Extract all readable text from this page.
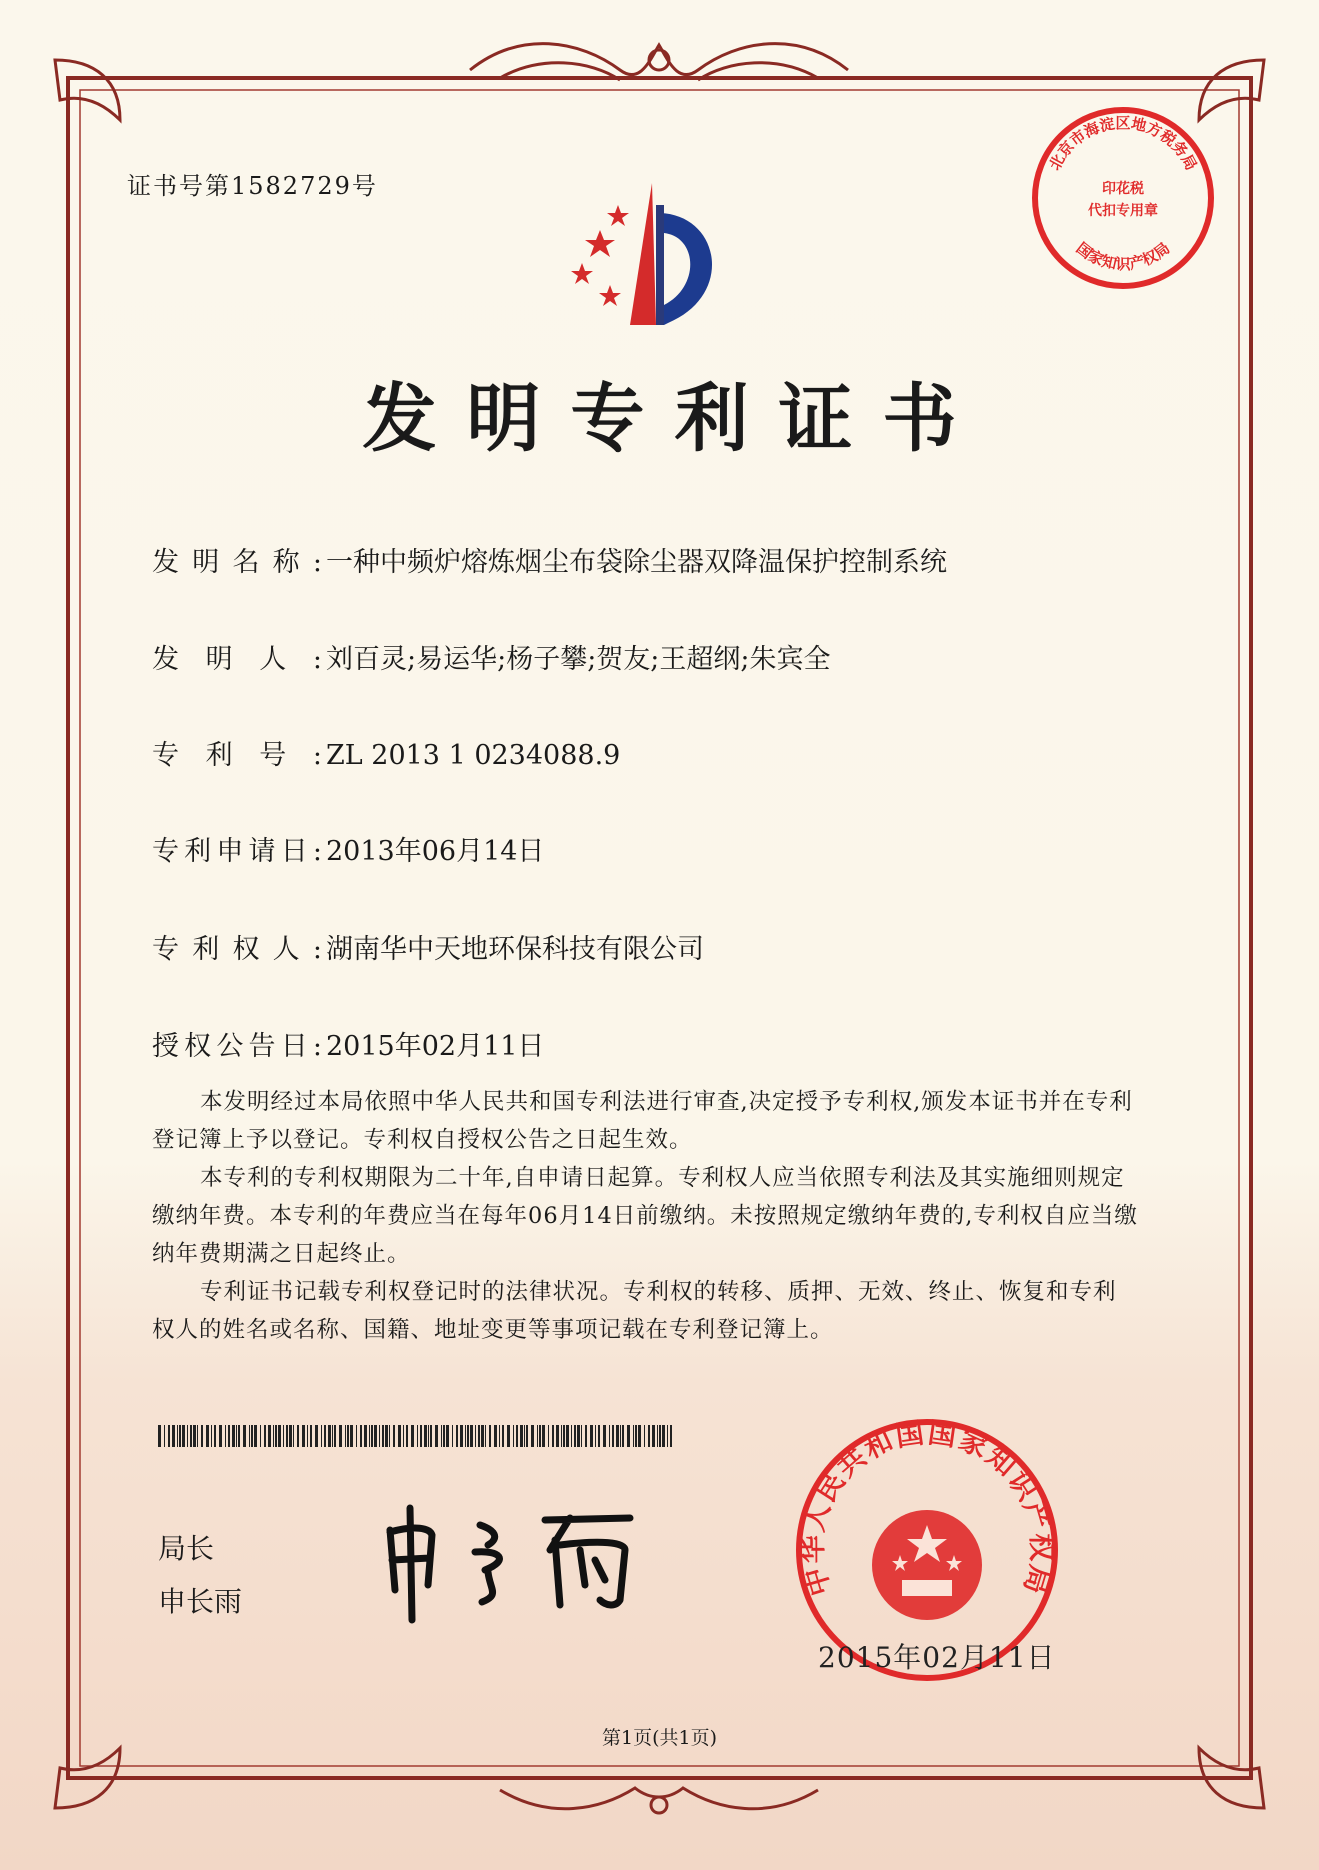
证书号第1582729号
发明专利证书
发明名称: 一种中频炉熔炼烟尘布袋除尘器双降温保护控制系统
发明人: 刘百灵;易运华;杨子攀;贺友;王超纲;朱宾全
专利号: ZL 2013 1 0234088.9
专利申请日: 2013年06月14日
专利权人: 湖南华中天地环保科技有限公司
授权公告日: 2015年02月11日

本发明经过本局依照中华人民共和国专利法进行审查,决定授予专利权,颁发本证书并在专利登记簿上予以登记。专利权自授权公告之日起生效。

本专利的专利权期限为二十年,自申请日起算。专利权人应当依照专利法及其实施细则规定缴纳年费。本专利的年费应当在每年06月14日前缴纳。未按照规定缴纳年费的,专利权自应当缴纳年费期满之日起终止。

专利证书记载专利权登记时的法律状况。专利权的转移、质押、无效、终止、恢复和专利权人的姓名或名称、国籍、地址变更等事项记载在专利登记簿上。

局长
申长雨
北京市海淀区地方税务局
印花税
代扣专用章
国家知识产权局
中华人民共和国国家知识产权局
2015年02月11日
第1页(共1页)
